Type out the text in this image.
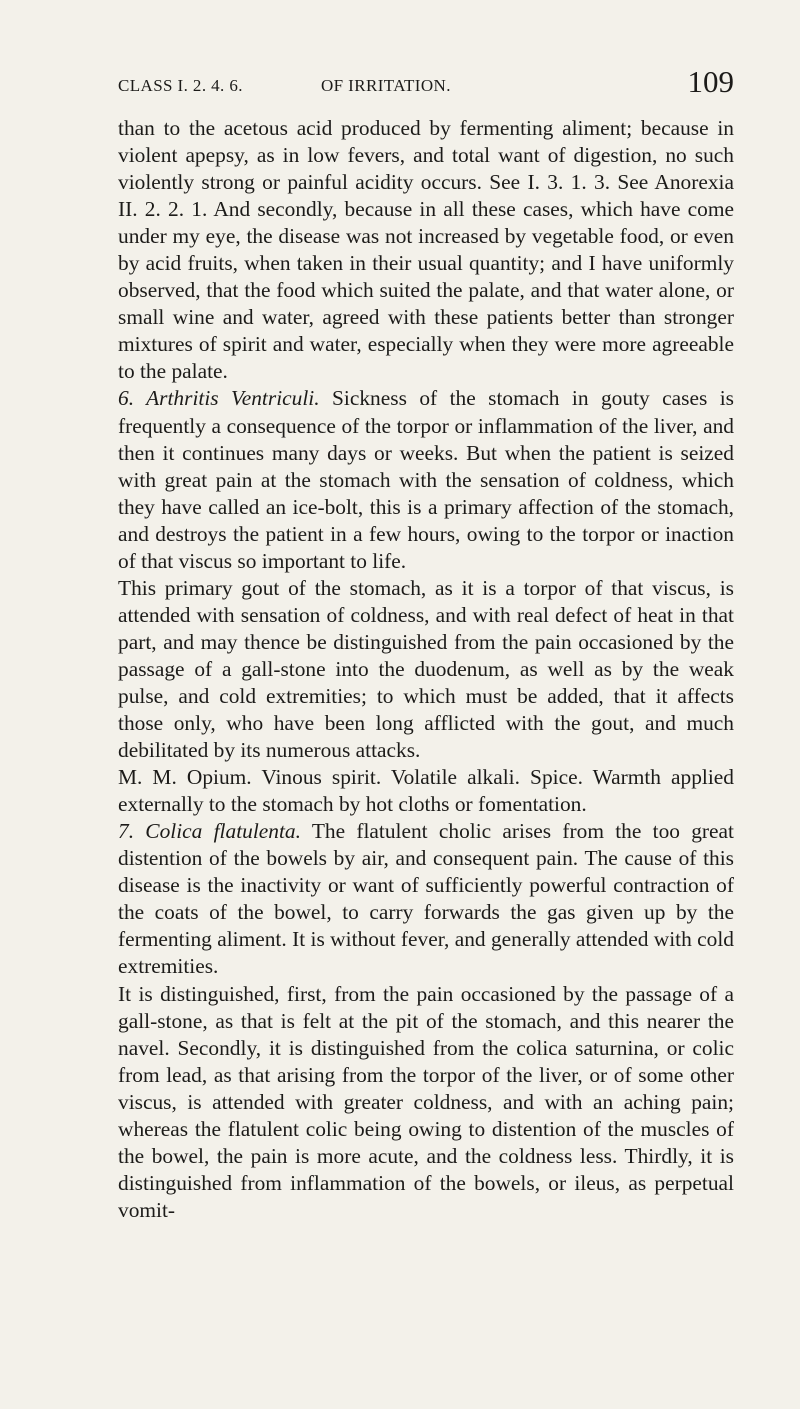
CLASS I. 2. 4. 6.	OF IRRITATION.	109

than to the acetous acid produced by fermenting aliment; because in violent apepsy, as in low fevers, and total want of digestion, no such violently strong or painful acidity occurs. See I. 3. 1. 3. See Anorexia II. 2. 2. 1. And secondly, because in all these cases, which have come under my eye, the disease was not increased by vegetable food, or even by acid fruits, when taken in their usual quantity; and I have uniformly observed, that the food which suited the palate, and that water alone, or small wine and water, agreed with these patients better than stronger mixtures of spirit and water, especially when they were more agreeable to the palate.

6. Arthritis Ventriculi. Sickness of the stomach in gouty cases is frequently a consequence of the torpor or inflammation of the liver, and then it continues many days or weeks. But when the patient is seized with great pain at the stomach with the sensation of coldness, which they have called an ice-bolt, this is a primary affection of the stomach, and destroys the patient in a few hours, owing to the torpor or inaction of that viscus so important to life.

This primary gout of the stomach, as it is a torpor of that viscus, is attended with sensation of coldness, and with real defect of heat in that part, and may thence be distinguished from the pain occasioned by the passage of a gall-stone into the duodenum, as well as by the weak pulse, and cold extremities; to which must be added, that it affects those only, who have been long afflicted with the gout, and much debilitated by its numerous attacks.

M. M. Opium. Vinous spirit. Volatile alkali. Spice. Warmth applied externally to the stomach by hot cloths or fomentation.

7. Colica flatulenta. The flatulent cholic arises from the too great distention of the bowels by air, and consequent pain. The cause of this disease is the inactivity or want of sufficiently powerful contraction of the coats of the bowel, to carry forwards the gas given up by the fermenting aliment. It is without fever, and generally attended with cold extremities.

It is distinguished, first, from the pain occasioned by the passage of a gall-stone, as that is felt at the pit of the stomach, and this nearer the navel. Secondly, it is distinguished from the colica saturnina, or colic from lead, as that arising from the torpor of the liver, or of some other viscus, is attended with greater coldness, and with an aching pain; whereas the flatulent colic being owing to distention of the muscles of the bowel, the pain is more acute, and the coldness less. Thirdly, it is distinguished from inflammation of the bowels, or ileus, as perpetual vomit-
